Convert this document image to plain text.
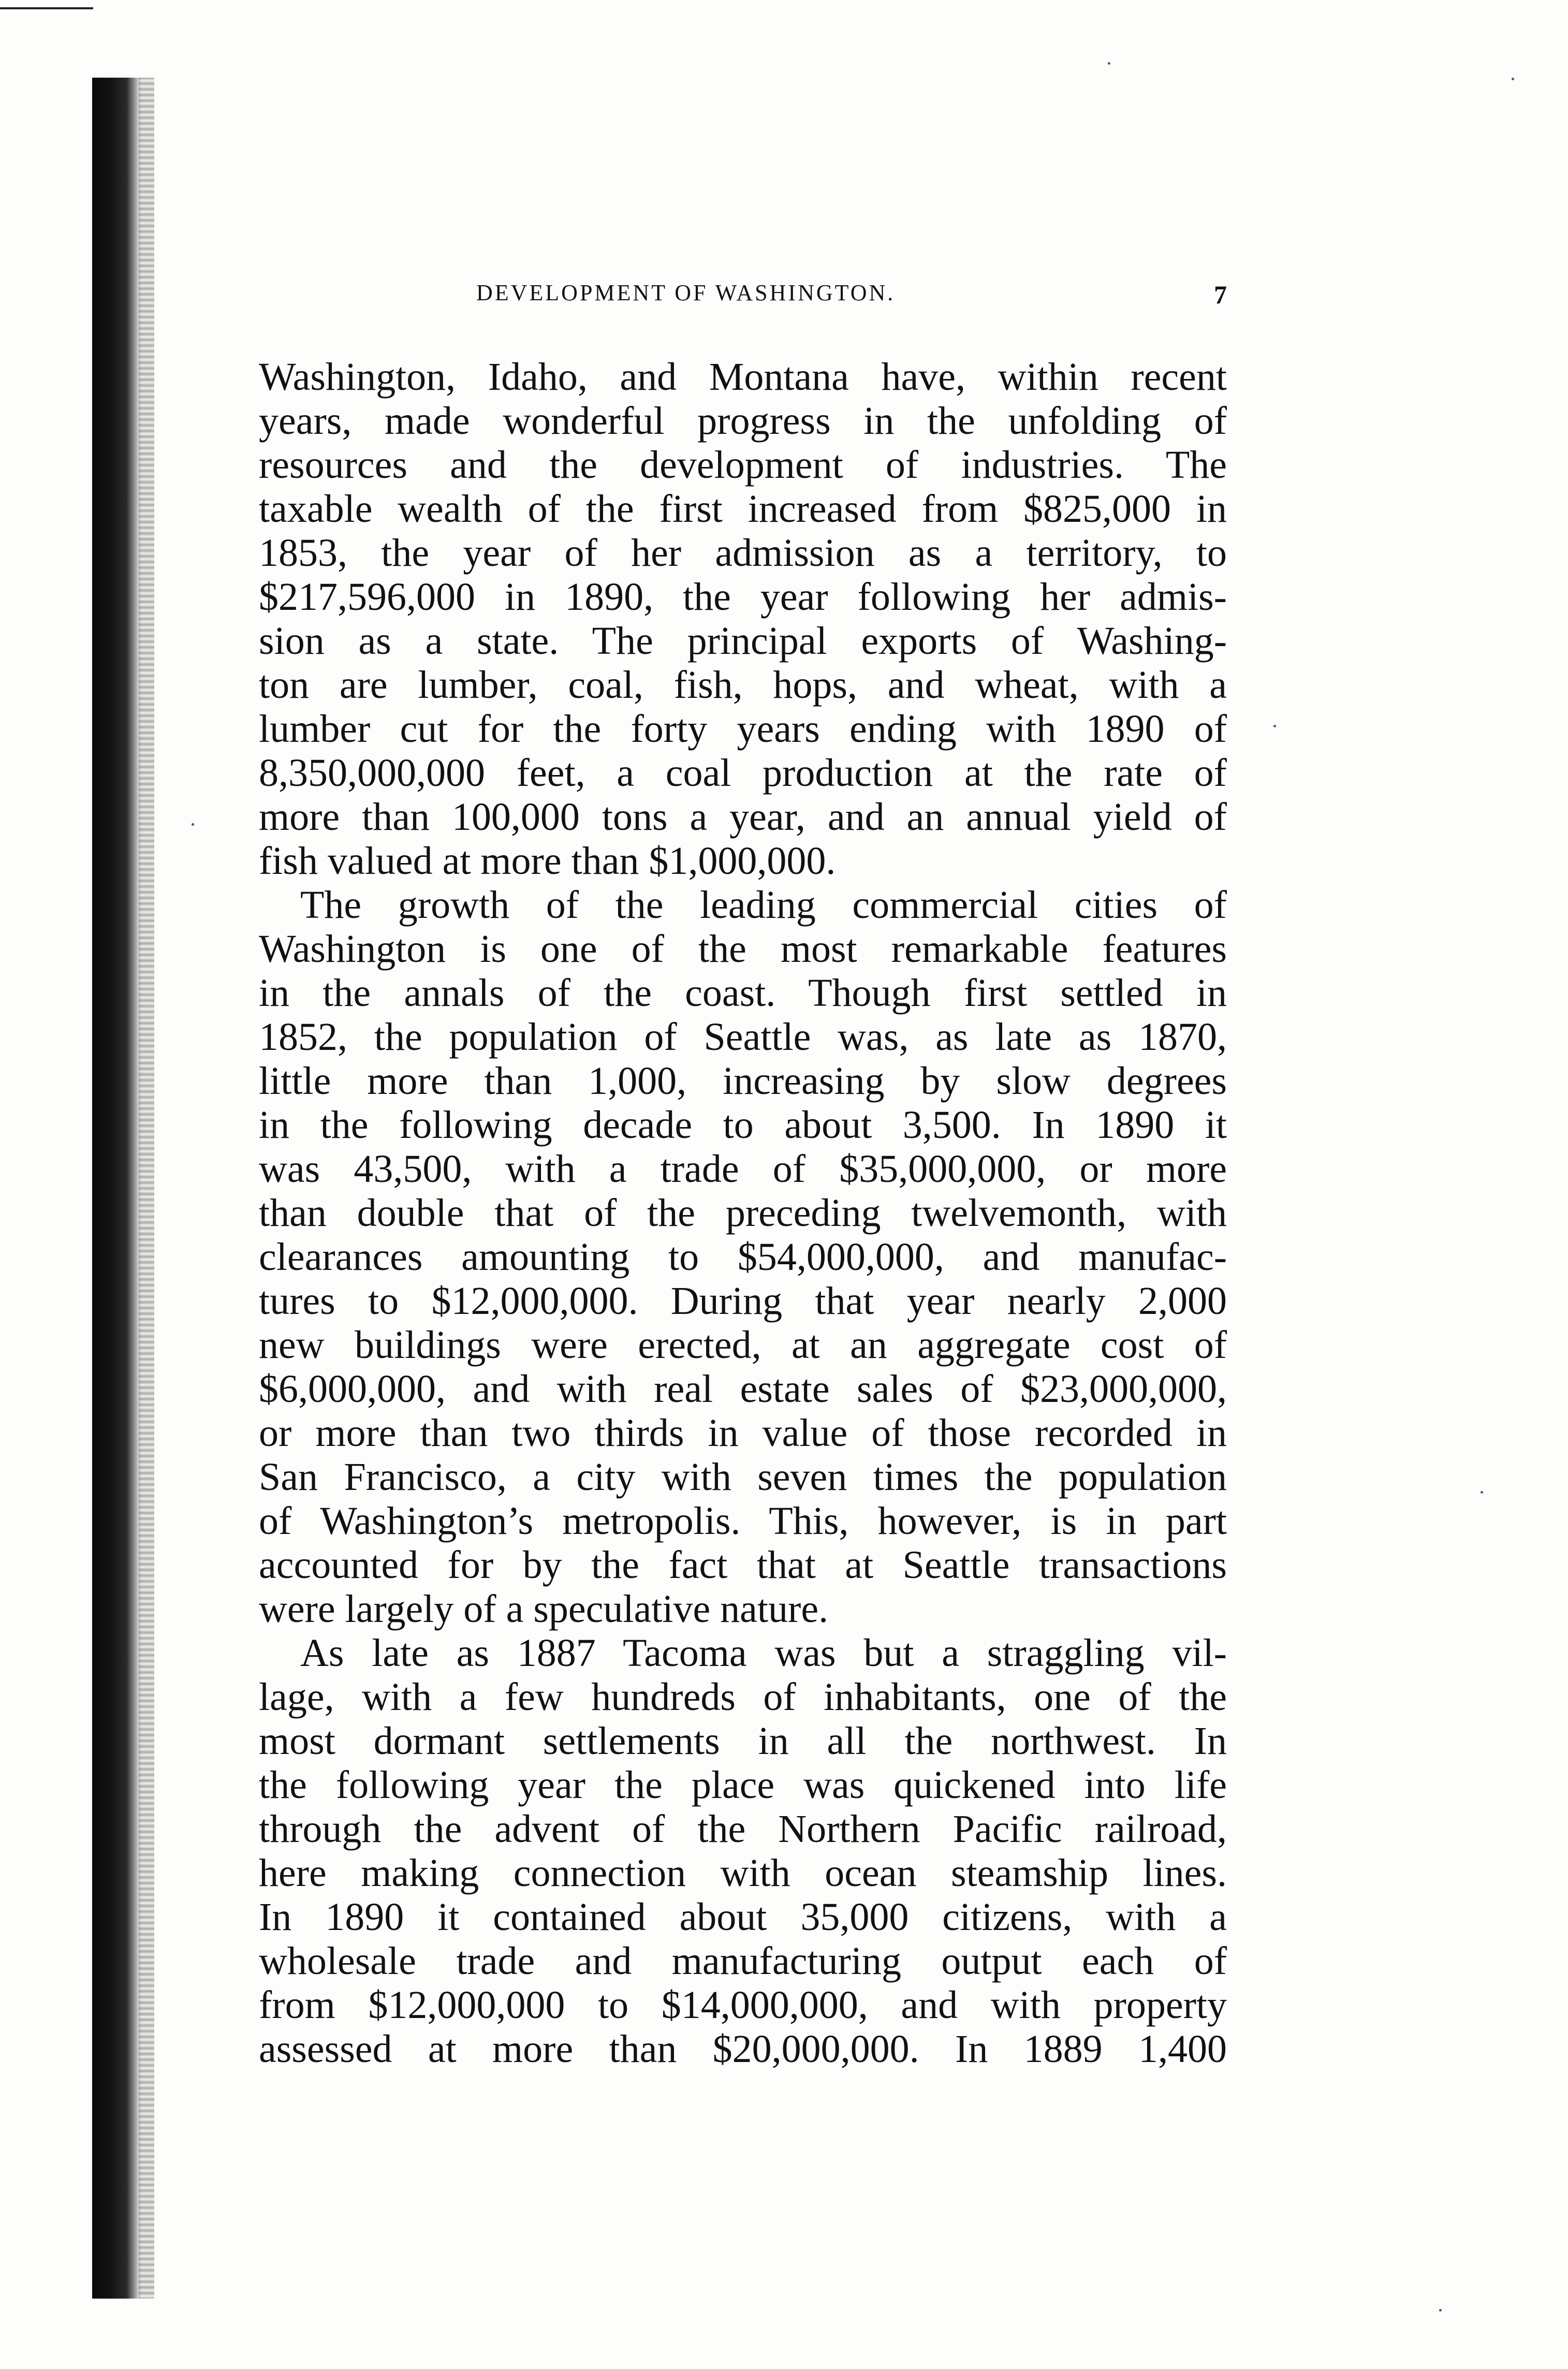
DEVELOPMENT OF WASHINGTON.	7
Washington, Idaho, and Montana have, within recent
years, made wonderful progress in the unfolding of
resources and the development of industries. The
taxable wealth of the first increased from $825,000 in
1853, the year of her admission as a territory, to
$217,596,000 in 1890, the year following her admis-
sion as a state. The principal exports of Washing-
ton are lumber, coal, fish, hops, and wheat, with a
lumber cut for the forty years ending with 1890 of
8,350,000,000 feet, a coal production at the rate of
more than 100,000 tons a year, and an annual yield of
fish valued at more than $1,000,000.
The growth of the leading commercial cities of
Washington is one of the most remarkable features
in the annals of the coast. Though first settled in
1852, the population of Seattle was, as late as 1870,
little more than 1,000, increasing by slow degrees
in the following decade to about 3,500. In 1890 it
was 43,500, with a trade of $35,000,000, or more
than double that of the preceding twelvemonth, with
clearances amounting to $54,000,000, and manufac-
tures to $12,000,000. During that year nearly 2,000
new buildings were erected, at an aggregate cost of
$6,000,000, and with real estate sales of $23,000,000,
or more than two thirds in value of those recorded in
San Francisco, a city with seven times the population
of Washington’s metropolis. This, however, is in part
accounted for by the fact that at Seattle transactions
were largely of a speculative nature.
As late as 1887 Tacoma was but a straggling vil-
lage, with a few hundreds of inhabitants, one of the
most dormant settlements in all the northwest. In
the following year the place was quickened into life
through the advent of the Northern Pacific railroad,
here making connection with ocean steamship lines.
In 1890 it contained about 35,000 citizens, with a
wholesale trade and manufacturing output each of
from $12,000,000 to $14,000,000, and with property
assessed at more than $20,000,000. In 1889 1,400
